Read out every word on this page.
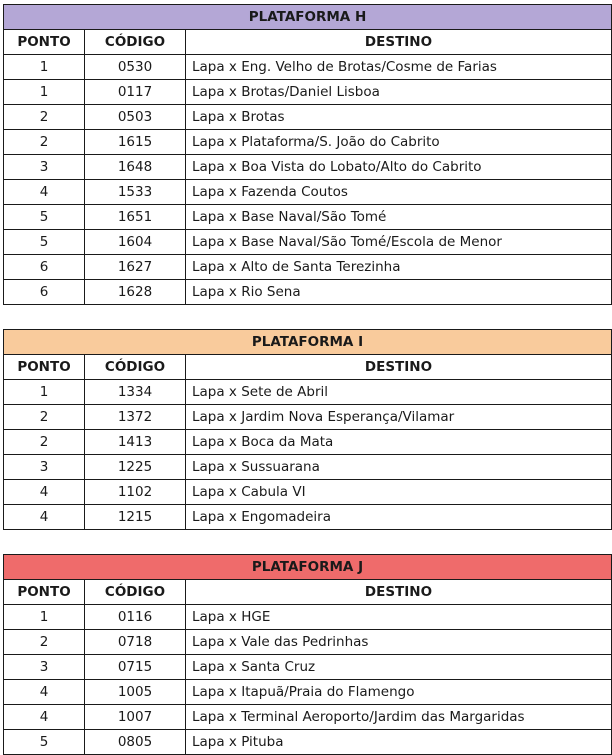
PLATAFORMA H		
PONTO	CÓDIGO	DESTINO
1	0530	Lapa x Eng. Velho de Brotas/Cosme de Farias
1	0117	Lapa x Brotas/Daniel Lisboa
2	0503	Lapa x Brotas
2	1615	Lapa x Plataforma/S. João do Cabrito
3	1648	Lapa x Boa Vista do Lobato/Alto do Cabrito
4	1533	Lapa x Fazenda Coutos
5	1651	Lapa x Base Naval/São Tomé
5	1604	Lapa x Base Naval/São Tomé/Escola de Menor
6	1627	Lapa x Alto de Santa Terezinha
6	1628	Lapa x Rio Sena
PLATAFORMA I		
PONTO	CÓDIGO	DESTINO
1	1334	Lapa x Sete de Abril
2	1372	Lapa x Jardim Nova Esperança/Vilamar
2	1413	Lapa x Boca da Mata
3	1225	Lapa x Sussuarana
4	1102	Lapa x Cabula VI
4	1215	Lapa x Engomadeira
PLATAFORMA J		
PONTO	CÓDIGO	DESTINO
1	0116	Lapa x HGE
2	0718	Lapa x Vale das Pedrinhas
3	0715	Lapa x Santa Cruz
4	1005	Lapa x Itapuã/Praia do Flamengo
4	1007	Lapa x Terminal Aeroporto/Jardim das Margaridas
5	0805	Lapa x Pituba
